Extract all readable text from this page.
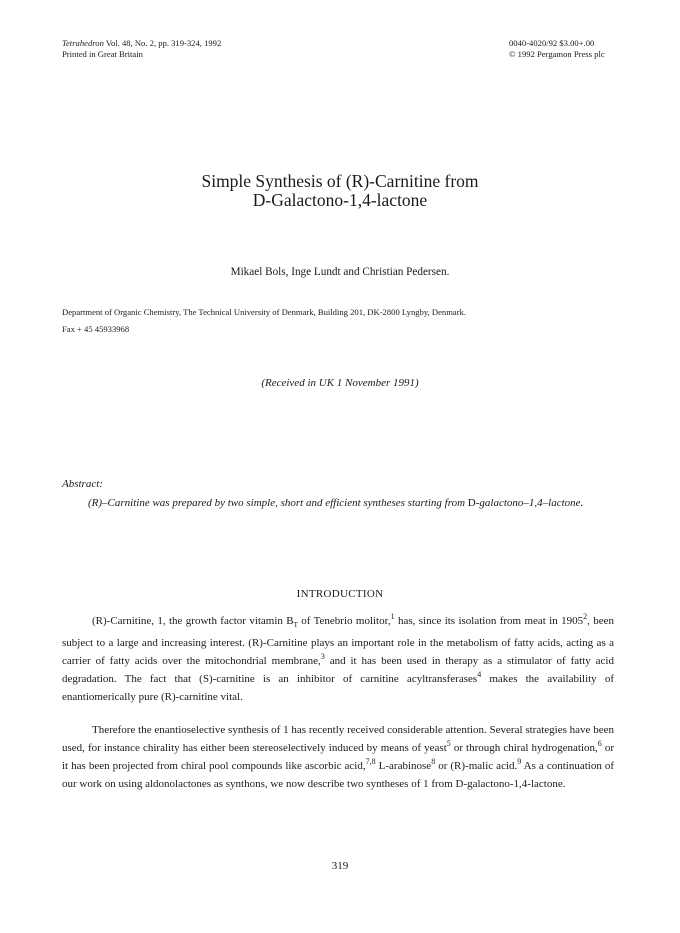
Tetrahedron Vol. 48, No. 2, pp. 319-324, 1992
Printed in Great Britain
0040-4020/92 $3.00+.00
© 1992 Pergamon Press plc
Simple Synthesis of (R)-Carnitine from
D-Galactono-1,4-lactone
Mikael Bols, Inge Lundt and Christian Pedersen.
Department of Organic Chemistry, The Technical University of Denmark, Building 201, DK-2800 Lyngby, Denmark.
Fax + 45 45933968
(Received in UK 1 November 1991)
Abstract:
(R)–Carnitine was prepared by two simple, short and efficient syntheses starting from D-galactono–1,4–lactone.
INTRODUCTION

(R)-Carnitine, 1, the growth factor vitamin $B_T$ of Tenebrio molitor,$^1$ has, since its isolation from meat in 1905$^2$, been subject to a large and increasing interest. (R)-Carnitine plays an important role in the metabolism of fatty acids, acting as a carrier of fatty acids over the mitochondrial membrane,$^3$ and it has been used in therapy as a stimulator of fatty acid degradation. The fact that (S)-carnitine is an inhibitor of carnitine acyltransferases$^4$ makes the availability of enantiomerically pure (R)-carnitine vital.

Therefore the enantioselective synthesis of 1 has recently received considerable attention. Several strategies have been used, for instance chirality has either been stereoselectively induced by means of yeast$^5$ or through chiral hydrogenation,$^6$ or it has been projected from chiral pool compounds like ascorbic acid,$^{7,8}$ L-arabinose$^8$ or (R)-malic acid.$^9$ As a continuation of our work on using aldonolactones as synthons, we now describe two syntheses of 1 from D-galactono-1,4-lactone.

319
